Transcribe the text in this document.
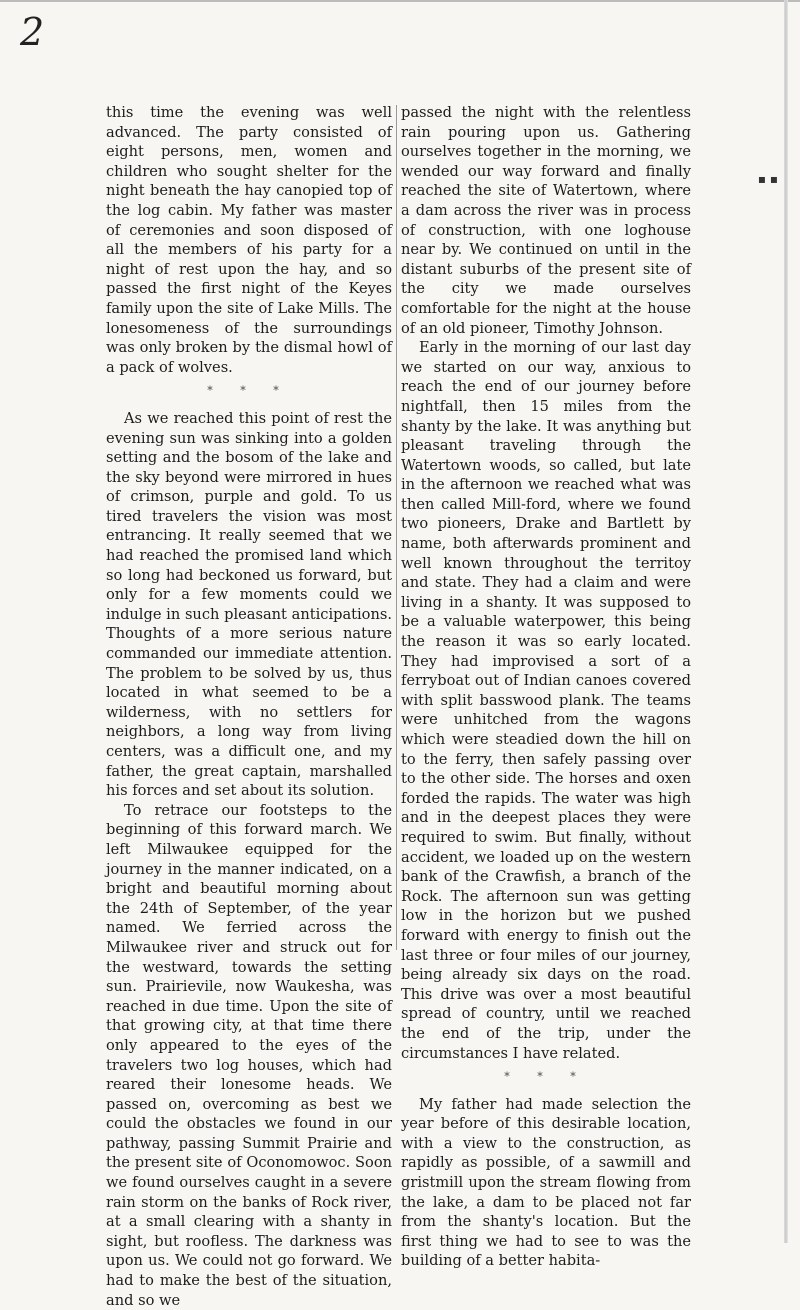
2
▪ ▪

this time the evening was well advanced. The party consisted of eight persons, men, women and children who sought shelter for the night beneath the hay canopied top of the log cabin. My father was master of ceremonies and soon disposed of all the members of his party for a night of rest upon the hay, and so passed the first night of the Keyes family upon the site of Lake Mills. The lonesomeness of the surroundings was only broken by the dismal howl of a pack of wolves.

* * *

As we reached this point of rest the evening sun was sinking into a golden setting and the bosom of the lake and the sky beyond were mirrored in hues of crimson, purple and gold. To us tired travelers the vision was most entrancing. It really seemed that we had reached the promised land which so long had beckoned us forward, but only for a few moments could we indulge in such pleasant anticipations. Thoughts of a more serious nature commanded our immediate attention. The problem to be solved by us, thus located in what seemed to be a wilderness, with no settlers for neighbors, a long way from living centers, was a difficult one, and my father, the great captain, marshalled his forces and set about its solution.

To retrace our footsteps to the beginning of this forward march. We left Milwaukee equipped for the journey in the manner indicated, on a bright and beautiful morning about the 24th of September, of the year named. We ferried across the Milwaukee river and struck out for the westward, towards the setting sun. Prairievile, now Waukesha, was reached in due time. Upon the site of that growing city, at that time there only appeared to the eyes of the travelers two log houses, which had reared their lonesome heads. We passed on, overcoming as best we could the obstacles we found in our pathway, passing Summit Prairie and the present site of Oconomowoc. Soon we found ourselves caught in a severe rain storm on the banks of Rock river, at a small clearing with a shanty in sight, but roofless. The darkness was upon us. We could not go forward. We had to make the best of the situation, and so we

passed the night with the relentless rain pouring upon us. Gathering ourselves together in the morning, we wended our way forward and finally reached the site of Watertown, where a dam across the river was in process of construction, with one loghouse near by. We continued on until in the distant suburbs of the present site of the city we made ourselves comfortable for the night at the house of an old pioneer, Timothy Johnson.

Early in the morning of our last day we started on our way, anxious to reach the end of our journey before nightfall, then 15 miles from the shanty by the lake. It was anything but pleasant traveling through the Watertown woods, so called, but late in the afternoon we reached what was then called Mill-ford, where we found two pioneers, Drake and Bartlett by name, both afterwards prominent and well known throughout the territoy and state. They had a claim and were living in a shanty. It was supposed to be a valuable waterpower, this being the reason it was so early located. They had improvised a sort of a ferryboat out of Indian canoes covered with split basswood plank. The teams were unhitched from the wagons which were steadied down the hill on to the ferry, then safely passing over to the other side. The horses and oxen forded the rapids. The water was high and in the deepest places they were required to swim. But finally, without accident, we loaded up on the western bank of the Crawfish, a branch of the Rock. The afternoon sun was getting low in the horizon but we pushed forward with energy to finish out the last three or four miles of our journey, being already six days on the road. This drive was over a most beautiful spread of country, until we reached the end of the trip, under the circumstances I have related.

* * *

My father had made selection the year before of this desirable location, with a view to the construction, as rapidly as possible, of a sawmill and gristmill upon the stream flowing from the lake, a dam to be placed not far from the shanty's location. But the first thing we had to see to was the building of a better habita-
